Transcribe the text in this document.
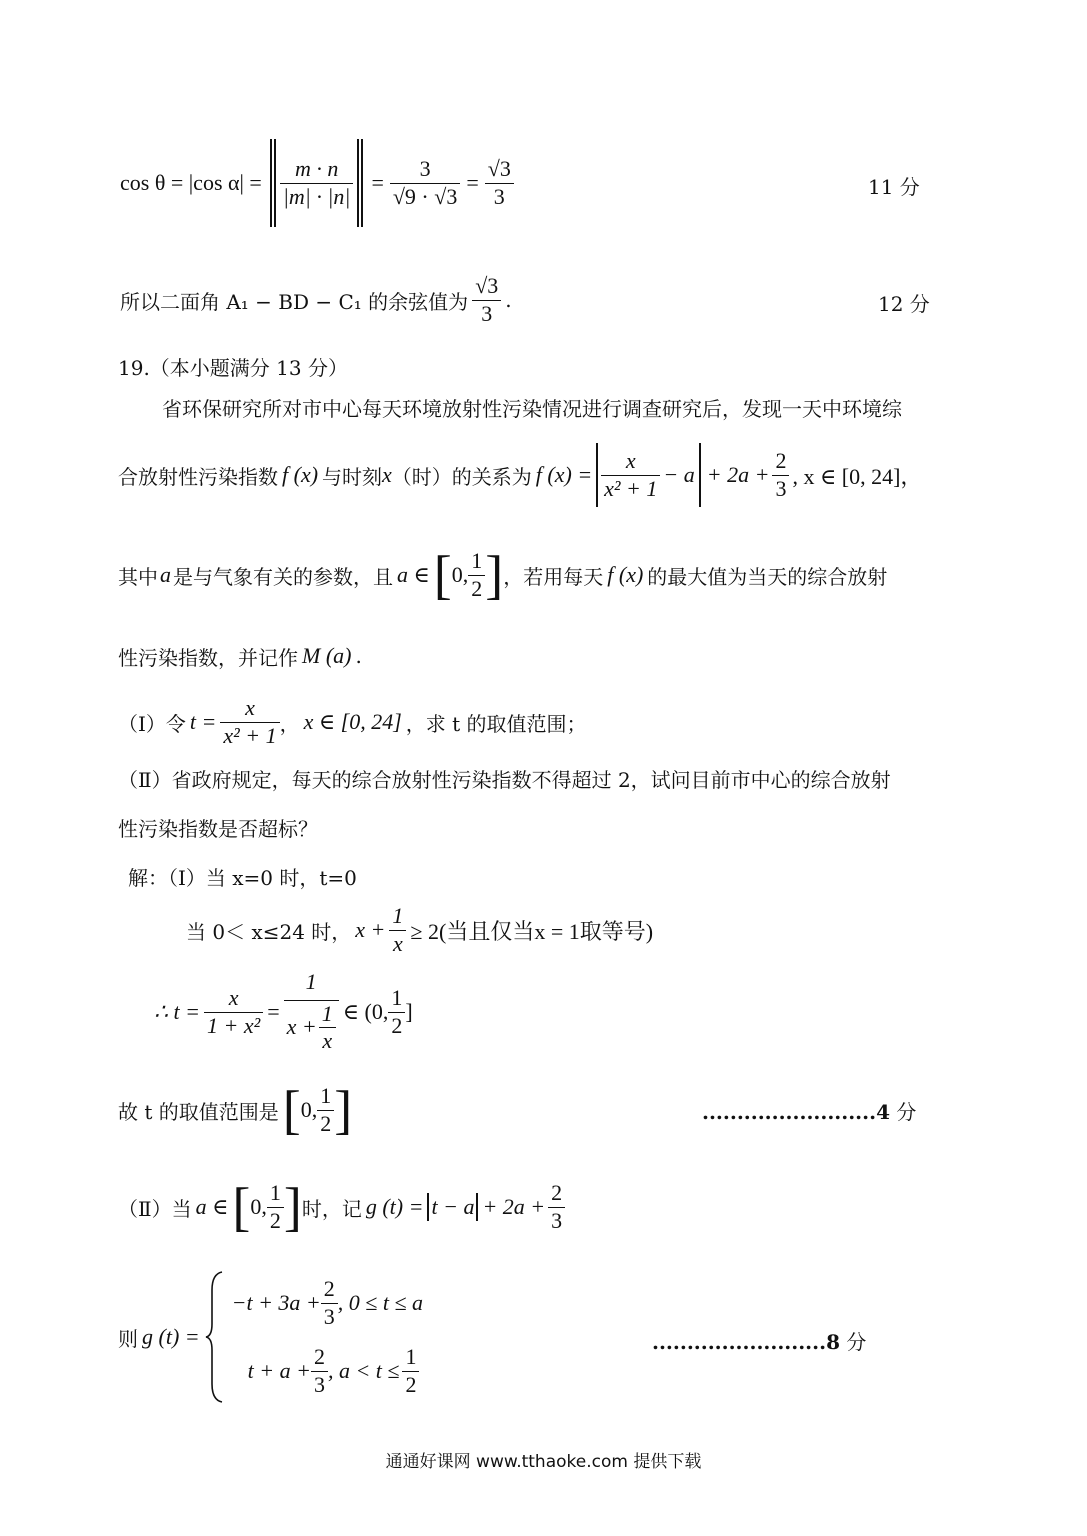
cos θ = |cos $\alpha| = \frac{m \cdot n}{|m| \cdot |n|} = \frac{3}{√9 \cdot √3} = \frac{√3}{3}$	11 分
所以二面角 A₁ − BD − C₁ 的余弦值为 $\frac{√3}{3}$ .	12 分
19.（本小题满分 13 分）
省环保研究所对市中心每天环境放射性污染情况进行调查研究后，发现一天中环境综
合放射性污染指数 f (x) 与时刻 x （时）的关系为 f $(x) = \frac{x}{\text{x² + 1}} - a + 2a + \frac{2}{3}$ , x ∈ [0, 24]，
其中 a 是与气象有关的参数，且 a ∈ [ 0, $\frac{1}{2}$ ] ，若用每天 f (x) 的最大值为当天的综合放射
性污染指数，并记作 M (a) .
（Ⅰ）令 $t = \frac{x}{\text{x² + 1}}$ ， x ∈ [0, 24] ，求 t 的取值范围；
（Ⅱ）省政府规定，每天的综合放射性污染指数不得超过 2，试问目前市中心的综合放射
性污染指数是否超标？
解：（Ⅰ）当 x=0 时，t=0
当 0＜ x≤24 时， $x + \frac{1}{x} \ge 2$(当且仅当x = 1取等号)
∴ $t = \frac{x}{\text{1 + x²}} = \frac{1}{x + \frac{1}{x}}$ ∈ (0, $\frac{1}{2}$ ]
故 t 的取值范围是 [ 0, $\frac{1}{2}$ ]	.........................4 分
（Ⅱ）当 a ∈ [ 0, $\frac{1}{2}$ ] 时，记 g $(t) = t - a + 2a + \frac{2}{3}$
则 g (t) =
$-t + 3a + \frac{2}{3}$ , 0 ≤ t ≤ a
$t + a + \frac{2}{3}$ , $a < t \le \frac{1}{2}$
.........................8 分
通通好课网 www.tthaoke.com 提供下载
